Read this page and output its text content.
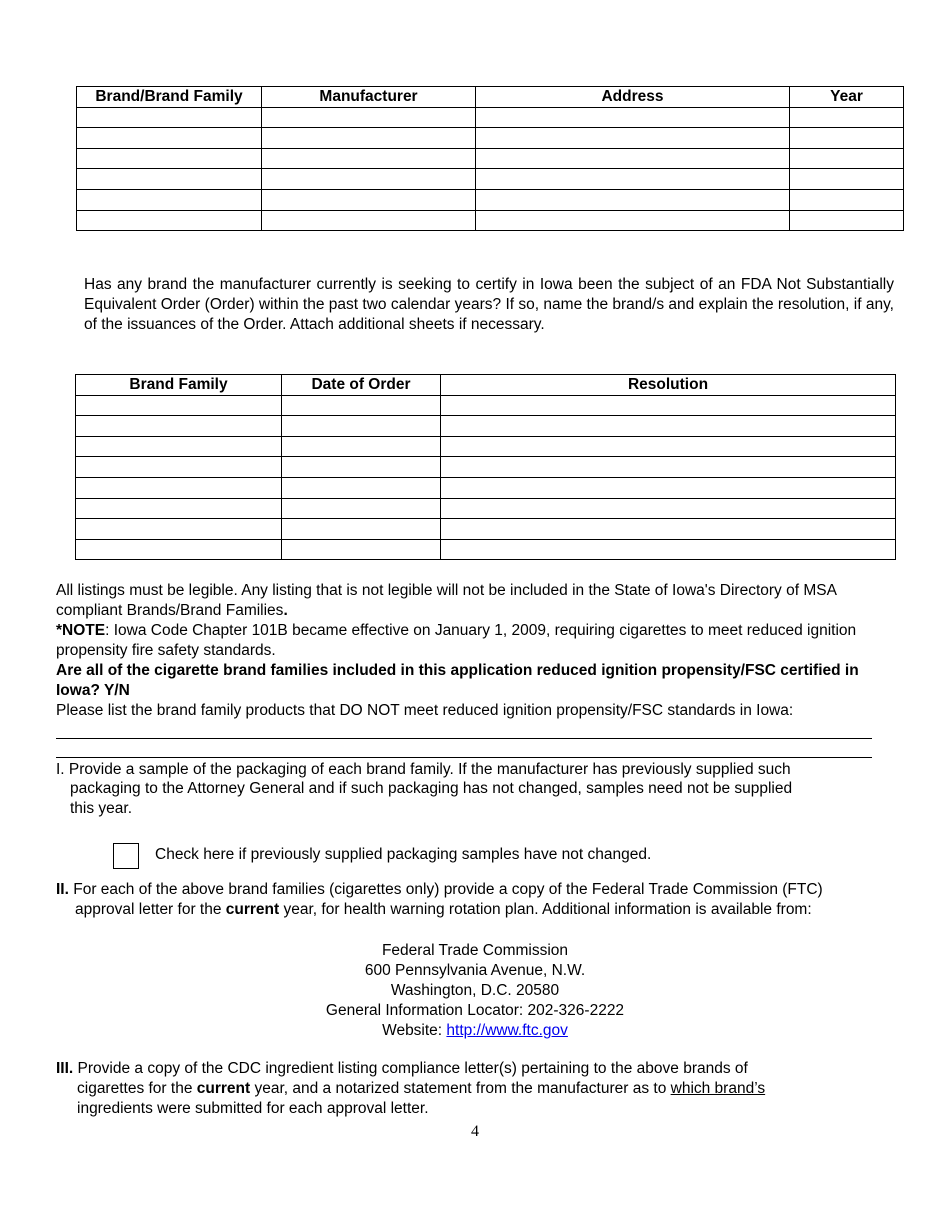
Brand/Brand Family	Manufacturer	Address	Year

Has any brand the manufacturer currently is seeking to certify in Iowa been the subject of an FDA Not Substantially Equivalent Order (Order) within the past two calendar years? If so, name the brand/s and explain the resolution, if any, of the issuances of the Order. Attach additional sheets if necessary.
Brand Family	Date of Order	Resolution

All listings must be legible. Any listing that is not legible will not be included in the State of Iowa's Directory of MSA compliant Brands/Brand Families.
*NOTE: Iowa Code Chapter 101B became effective on January 1, 2009, requiring cigarettes to meet reduced ignition propensity fire safety standards.
Are all of the cigarette brand families included in this application reduced ignition propensity/FSC certified in Iowa? Y/N
Please list the brand family products that DO NOT meet reduced ignition propensity/FSC standards in Iowa:
I. Provide a sample of the packaging of each brand family. If the manufacturer has previously supplied such
packaging to the Attorney General and if such packaging has not changed, samples need not be supplied
this year.
Check here if previously supplied packaging samples have not changed.
II. For each of the above brand families (cigarettes only) provide a copy of the Federal Trade Commission (FTC)
approval letter for the current year, for health warning rotation plan. Additional information is available from:
Federal Trade Commission
600 Pennsylvania Avenue, N.W.
Washington, D.C. 20580
General Information Locator: 202-326-2222
Website: http://www.ftc.gov
III. Provide a copy of the CDC ingredient listing compliance letter(s) pertaining to the above brands of
cigarettes for the current year, and a notarized statement from the manufacturer as to which brand’s
ingredients were submitted for each approval letter.
4
